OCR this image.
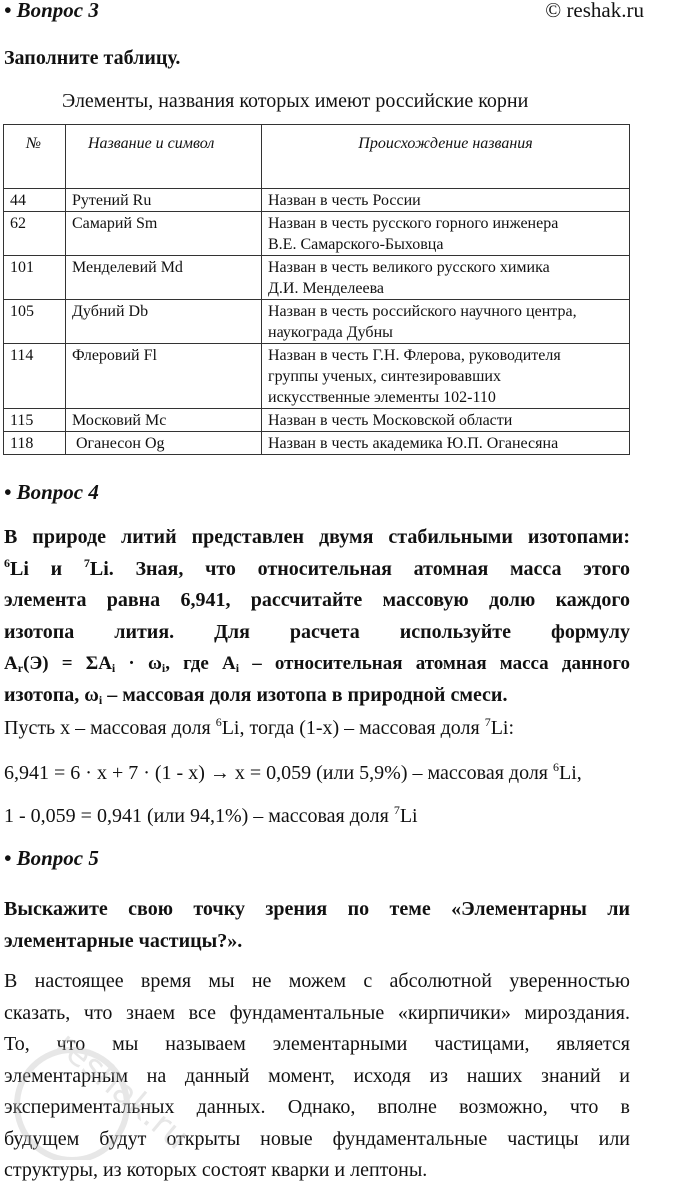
• Вопрос 3	© reshak.ru
Заполните таблицу.
Элементы, названия которых имеют российские корни
№	Название и символ	Происхождение названия
44	Рутений Ru	Назван в честь России

62	Самарий Sm	Назван в честь русского горного инженера
В.Е. Самарского-Быховца

101	Менделевий Md	Назван в честь великого русского химика
Д.И. Менделеева

105	Дубний Db	Назван в честь российского научного центра,
наукограда Дубны

114	Флеровий Fl	Назван в честь Г.Н. Флерова, руководителя
группы ученых, синтезировавших
искусственные элементы 102-110

115	Московий Mc	Назван в честь Московской области

118	Оганесон Og	Назван в честь академика Ю.П. Оганесяна
• Вопрос 4
В природе литий представлен двумя стабильными изотопами:
$^6$Li и $^7$Li. Зная, что относительная атомная масса этого
элемента равна 6,941, рассчитайте массовую долю каждого
изотопа лития. Для расчета используйте формулу
$A_r(Э) = \Sigma A_i \cdot \omega_i$, где $A_i$ – относительная атомная масса данного
изотопа, $\omega_i$ – массовая доля изотопа в природной смеси.
Пусть x – массовая доля $^6$Li, тогда (1-x) – массовая доля $^7$Li:
6,941 = 6 · x + 7 · (1 - x) → x = 0,059 (или 5,9%) – массовая доля $^6$Li,
1 - 0,059 = 0,941 (или 94,1%) – массовая доля $^7$Li
• Вопрос 5
Выскажите свою точку зрения по теме «Элементарны ли
элементарные частицы?».
В настоящее время мы не можем с абсолютной уверенностью
сказать, что знаем все фундаментальные «кирпичики» мироздания.
То, что мы называем элементарными частицами, является
элементарным на данный момент, исходя из наших знаний и
экспериментальных данных. Однако, вполне возможно, что в
будущем будут открыты новые фундаментальные частицы или
структуры, из которых состоят кварки и лептоны.
reshak.ru
